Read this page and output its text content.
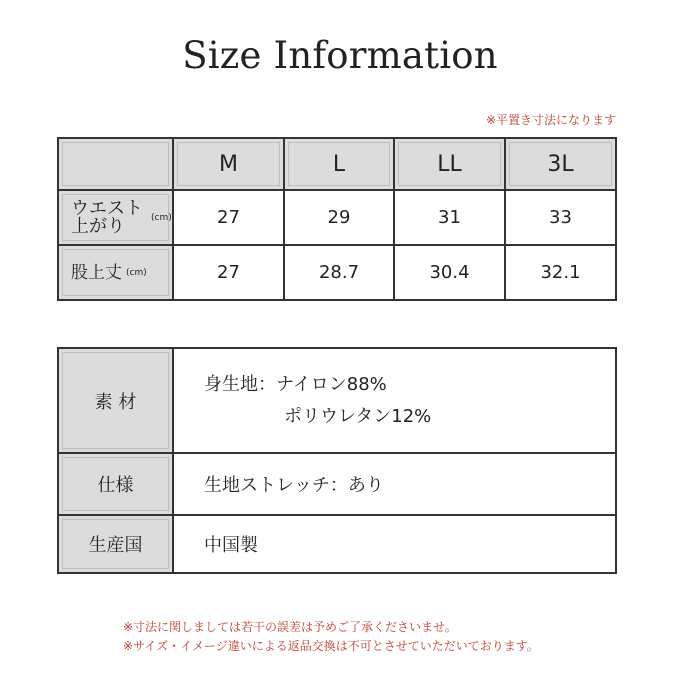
Size Information
※平置き寸法になります
	M	L	LL	3L
ウエスト
上がり (cm)	27	29	31	33
股上丈 (cm)	27	28.7	30.4	32.1
素 材	身生地：ナイロン88%
ポリウレタン12%

仕様	生地ストレッチ：あり
生産国	中国製
※寸法に関しましては若干の誤差は予めご了承くださいませ。
※サイズ・イメージ違いによる返品交換は不可とさせていただいております。
